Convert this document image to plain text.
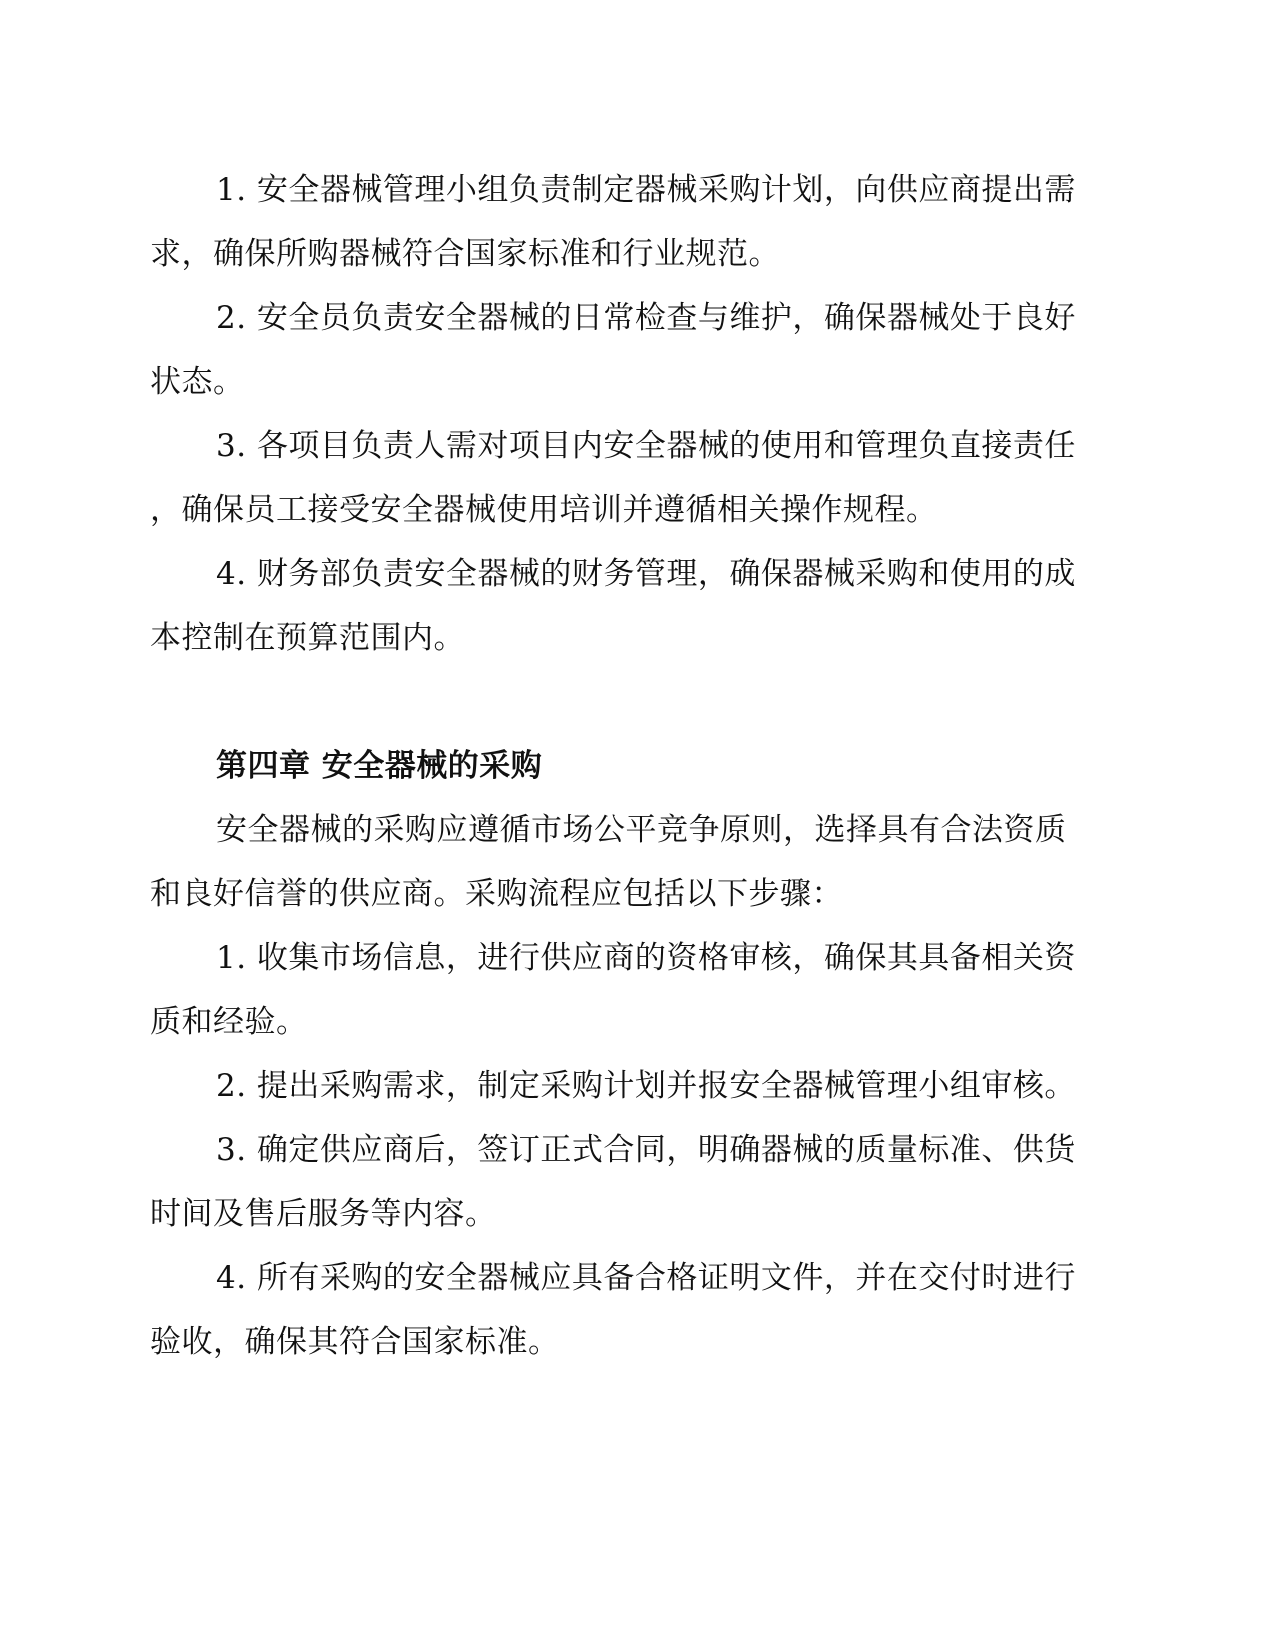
1. 安全器械管理小组负责制定器械采购计划，向供应商提出需
求，确保所购器械符合国家标准和行业规范。

2. 安全员负责安全器械的日常检查与维护，确保器械处于良好
状态。

3. 各项目负责人需对项目内安全器械的使用和管理负直接责任
，确保员工接受安全器械使用培训并遵循相关操作规程。

4. 财务部负责安全器械的财务管理，确保器械采购和使用的成
本控制在预算范围内。

第四章 安全器械的采购

安全器械的采购应遵循市场公平竞争原则，选择具有合法资质
和良好信誉的供应商。采购流程应包括以下步骤：

1. 收集市场信息，进行供应商的资格审核，确保其具备相关资
质和经验。

2. 提出采购需求，制定采购计划并报安全器械管理小组审核。

3. 确定供应商后，签订正式合同，明确器械的质量标准、供货
时间及售后服务等内容。

4. 所有采购的安全器械应具备合格证明文件，并在交付时进行
验收，确保其符合国家标准。
